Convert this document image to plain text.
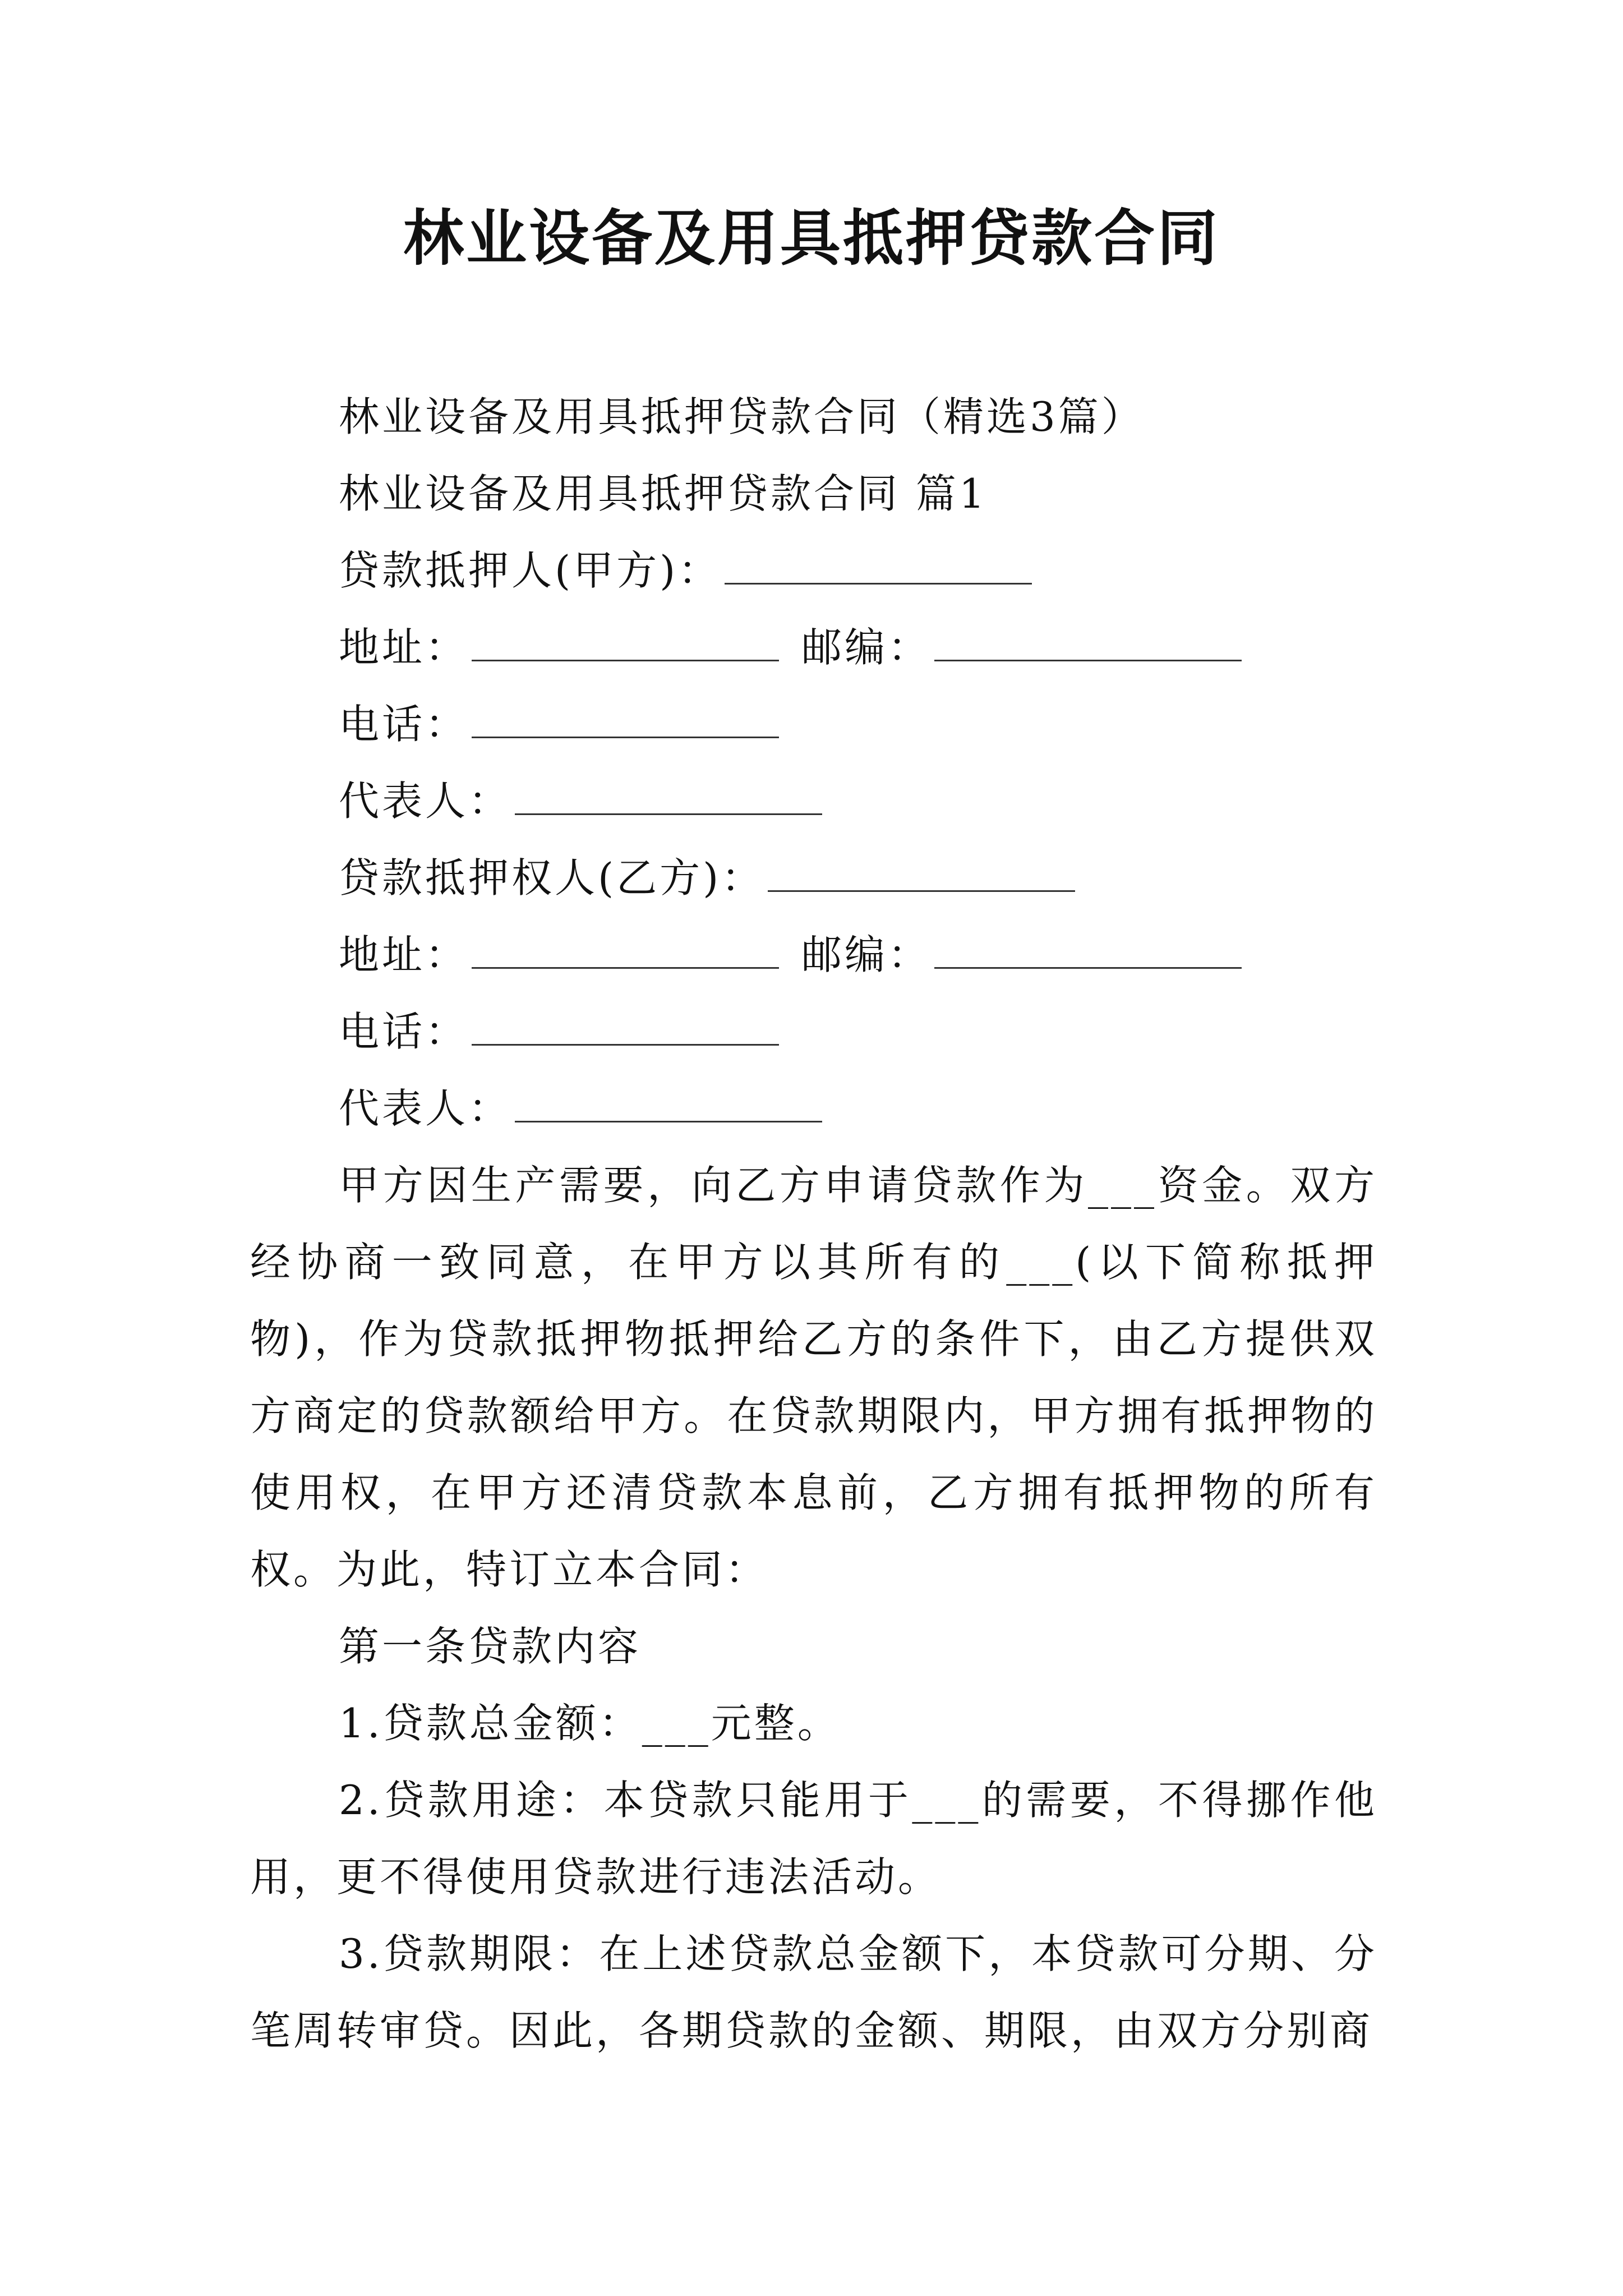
林业设备及用具抵押贷款合同
林业设备及用具抵押贷款合同（精选3篇）
林业设备及用具抵押贷款合同 篇1
贷款抵押人(甲方)：
地址：	邮编：
电话：
代表人：
贷款抵押权人(乙方)：
地址：	邮编：
电话：
代表人：

甲方因生产需要，向乙方申请贷款作为___资金。双方经协商一致同意，在甲方以其所有的___(以下简称抵押物)，作为贷款抵押物抵押给乙方的条件下，由乙方提供双方商定的贷款额给甲方。在贷款期限内，甲方拥有抵押物的使用权，在甲方还清贷款本息前，乙方拥有抵押物的所有权。为此，特订立本合同：

第一条贷款内容
1.贷款总金额：___元整。

2.贷款用途：本贷款只能用于___的需要，不得挪作他用，更不得使用贷款进行违法活动。

3.贷款期限：在上述贷款总金额下，本贷款可分期、分笔周转审贷。因此，各期贷款的金额、期限，由双方分别商
